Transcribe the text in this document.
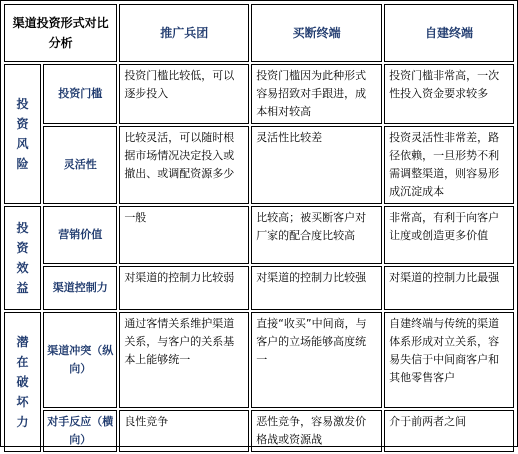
渠道投资形式对比分析		推广兵团	买断终端	自建终端
投资风险	投资门槛	投资门槛比较低，可以逐步投入	投资门槛因为此种形式容易招致对手跟进，成本相对较高	投资门槛非常高，一次性投入资金要求较多
	灵活性	比较灵活，可以随时根据市场情况决定投入或撤出、或调配资源多少	灵活性比较差	投资灵活性非常差，路径依赖，一旦形势不利需调整渠道，则容易形成沉淀成本
投资效益	营销价值	一般	比较高；被买断客户对厂家的配合度比较高	非常高，有利于向客户让度或创造更多价值
	渠道控制力	对渠道的控制力比较弱	对渠道的控制力比较强	对渠道的控制力比最强
潜在破坏力	渠道冲突（纵向）	通过客情关系维护渠道关系，与客户的关系基本上能够统一	直接“收买”中间商，与客户的立场能够高度统一	自建终端与传统的渠道体系形成对立关系，容易失信于中间商客户和其他零售客户
	对手反应（横向）	良性竞争	恶性竞争，容易激发价格战或资源战	介于前两者之间
